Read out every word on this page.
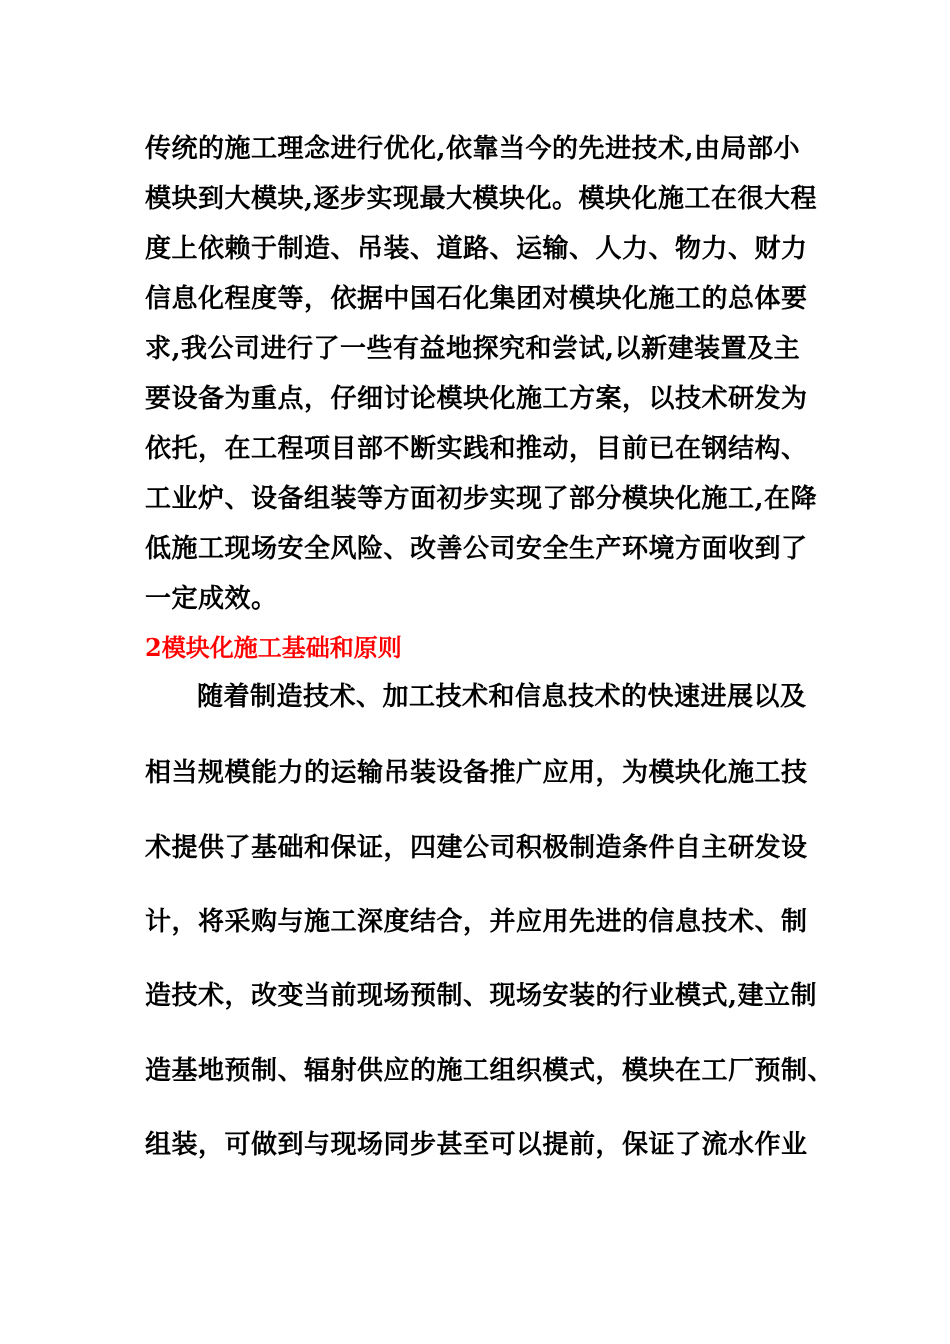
传统的施工理念进行优化,依靠当今的先进技术,由局部小
模块到大模块,逐步实现最大模块化。模块化施工在很大程
度上依赖于制造、吊装、道路、运输、人力、物力、财力
信息化程度等，依据中国石化集团对模块化施工的总体要
求,我公司进行了一些有益地探究和尝试,以新建装置及主
要设备为重点，仔细讨论模块化施工方案，以技术研发为
依托，在工程项目部不断实践和推动，目前已在钢结构、
工业炉、设备组装等方面初步实现了部分模块化施工,在降
低施工现场安全风险、改善公司安全生产环境方面收到了
一定成效。
2模块化施工基础和原则
随着制造技术、加工技术和信息技术的快速进展以及
相当规模能力的运输吊装设备推广应用，为模块化施工技
术提供了基础和保证，四建公司积极制造条件自主研发设
计，将采购与施工深度结合，并应用先进的信息技术、制
造技术，改变当前现场预制、现场安装的行业模式,建立制
造基地预制、辐射供应的施工组织模式，模块在工厂预制、
组装，可做到与现场同步甚至可以提前，保证了流水作业
